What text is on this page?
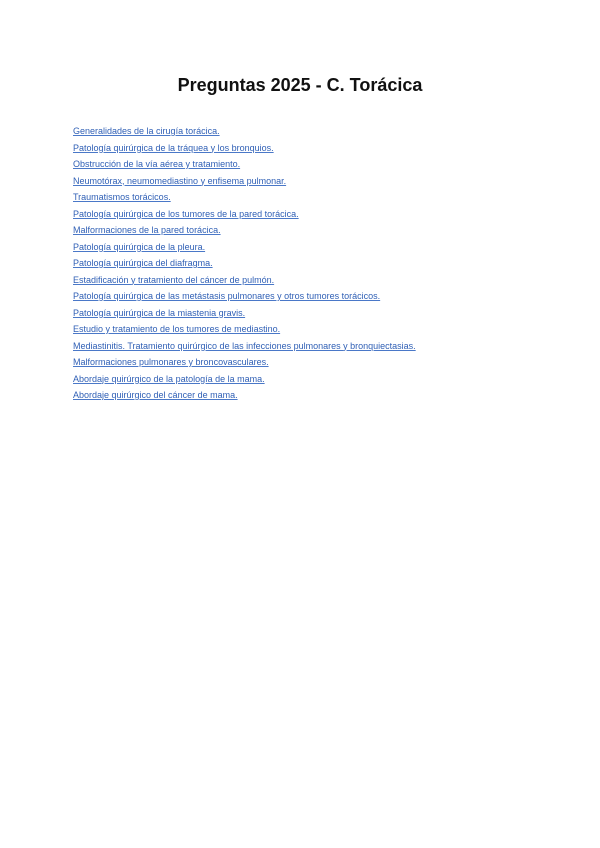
Preguntas 2025 - C. Torácica
Generalidades de la cirugía torácica.
Patología quirúrgica de la tráquea y los bronquios.
Obstrucción de la vía aérea y tratamiento.
Neumotórax, neumomediastino y enfisema pulmonar.
Traumatismos torácicos.
Patología quirúrgica de los tumores de la pared torácica.
Malformaciones de la pared torácica.
Patología quirúrgica de la pleura.
Patología quirúrgica del diafragma.
Estadificación y tratamiento del cáncer de pulmón.
Patología quirúrgica de las metástasis pulmonares y otros tumores torácicos.
Patología quirúrgica de la miastenia gravis.
Estudio y tratamiento de los tumores de mediastino.
Mediastinitis. Tratamiento quirúrgico de las infecciones pulmonares y bronquiectasias.
Malformaciones pulmonares y broncovasculares.
Abordaje quirúrgico de la patología de la mama.
Abordaje quirúrgico del cáncer de mama.
